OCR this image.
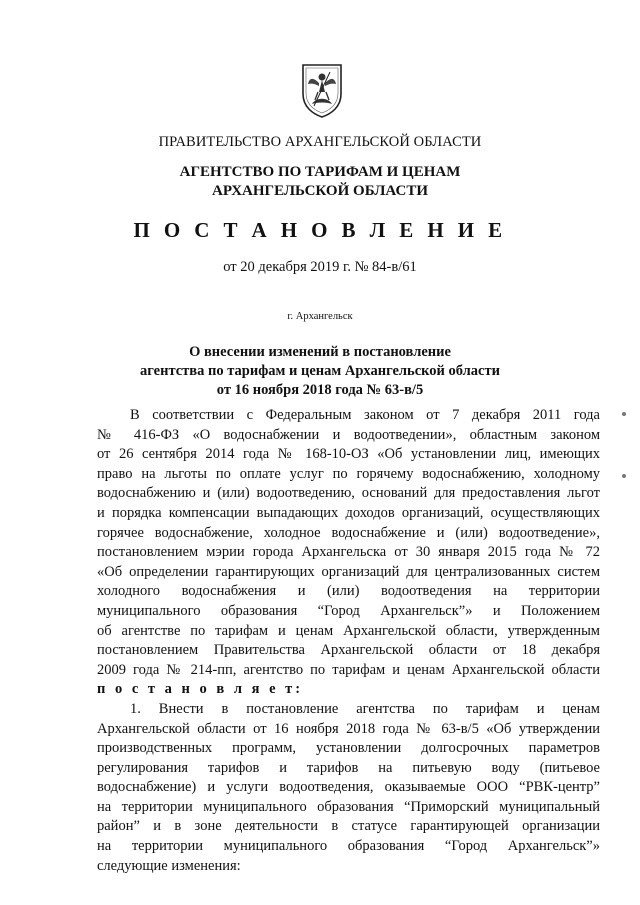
ПРАВИТЕЛЬСТВО АРХАНГЕЛЬСКОЙ ОБЛАСТИ
АГЕНТСТВО ПО ТАРИФАМ И ЦЕНАМ
АРХАНГЕЛЬСКОЙ ОБЛАСТИ
П О С Т А Н О В Л Е Н И Е
от 20 декабря 2019 г. № 84-в/61
г. Архангельск
О внесении изменений в постановление
агентства по тарифам и ценам Архангельской области
от 16 ноября 2018 года № 63-в/5
В соответствии с Федеральным законом от 7 декабря 2011 года
№ 416-ФЗ «О водоснабжении и водоотведении», областным законом
от 26 сентября 2014 года № 168-10-ОЗ «Об установлении лиц, имеющих
право на льготы по оплате услуг по горячему водоснабжению, холодному
водоснабжению и (или) водоотведению, оснований для предоставления льгот
и порядка компенсации выпадающих доходов организаций, осуществляющих
горячее водоснабжение, холодное водоснабжение и (или) водоотведение»,
постановлением мэрии города Архангельска от 30 января 2015 года № 72
«Об определении гарантирующих организаций для централизованных систем
холодного водоснабжения и (или) водоотведения на территории
муниципального образования “Город Архангельск”» и Положением
об агентстве по тарифам и ценам Архангельской области, утвержденным
постановлением Правительства Архангельской области от 18 декабря
2009 года № 214-пп, агентство по тарифам и ценам Архангельской области
п о с т а н о в л я е т:
1. Внести в постановление агентства по тарифам и ценам
Архангельской области от 16 ноября 2018 года № 63-в/5 «Об утверждении
производственных программ, установлении долгосрочных параметров
регулирования тарифов и тарифов на питьевую воду (питьевое
водоснабжение) и услуги водоотведения, оказываемые ООО “РВК-центр”
на территории муниципального образования “Приморский муниципальный
район” и в зоне деятельности в статусе гарантирующей организации
на территории муниципального образования “Город Архангельск”»
следующие изменения:
